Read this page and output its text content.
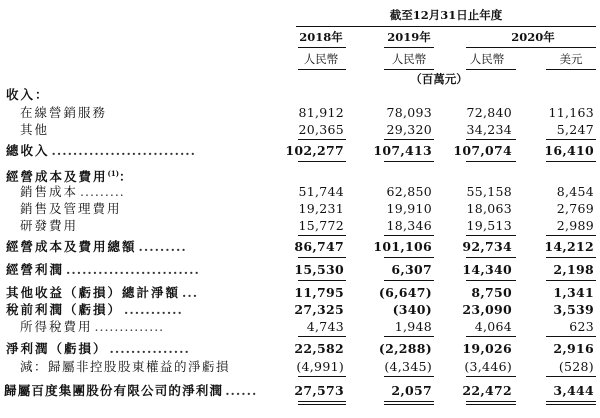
截至12月31日止年度
2018年	2019年	2020年
人民幣	人民幣	人民幣	美元
（百萬元）
收入：
在線營銷服務	81,912	78,093	72,840	11,163
其他	20,365	29,320	34,234	5,247
總收入 ...........................	102,277 107,413 107,074	16,410
經營成本及費用$^{(1)}$：
銷售成本 .........	51,744	62,850	55,158	8,454
銷售及管理費用	19,231	19,910	18,063	2,769
研發費用	15,772	18,346	19,513	2,989
經營成本及費用總額 .........	86,747 101,106 92,734	14,212
經營利潤 .........................	15,530	6,307 14,340	2,198
其他收益（虧損）總計淨額 ...	11,795	(6,647)	8,750	1,341
稅前利潤（虧損） ...........	27,325	(340) 23,090	3,539
所得稅費用 ..............	4,743	1,948	4,064	623
淨利潤（虧損） ...............	22,582	(2,288) 19,026	2,916
減：歸屬非控股股東權益的淨虧損	(4,991)	(4,345)	(3,446)	(528)
歸屬百度集團股份有限公司的淨利潤 ......	27,573	2,057 22,472	3,444
